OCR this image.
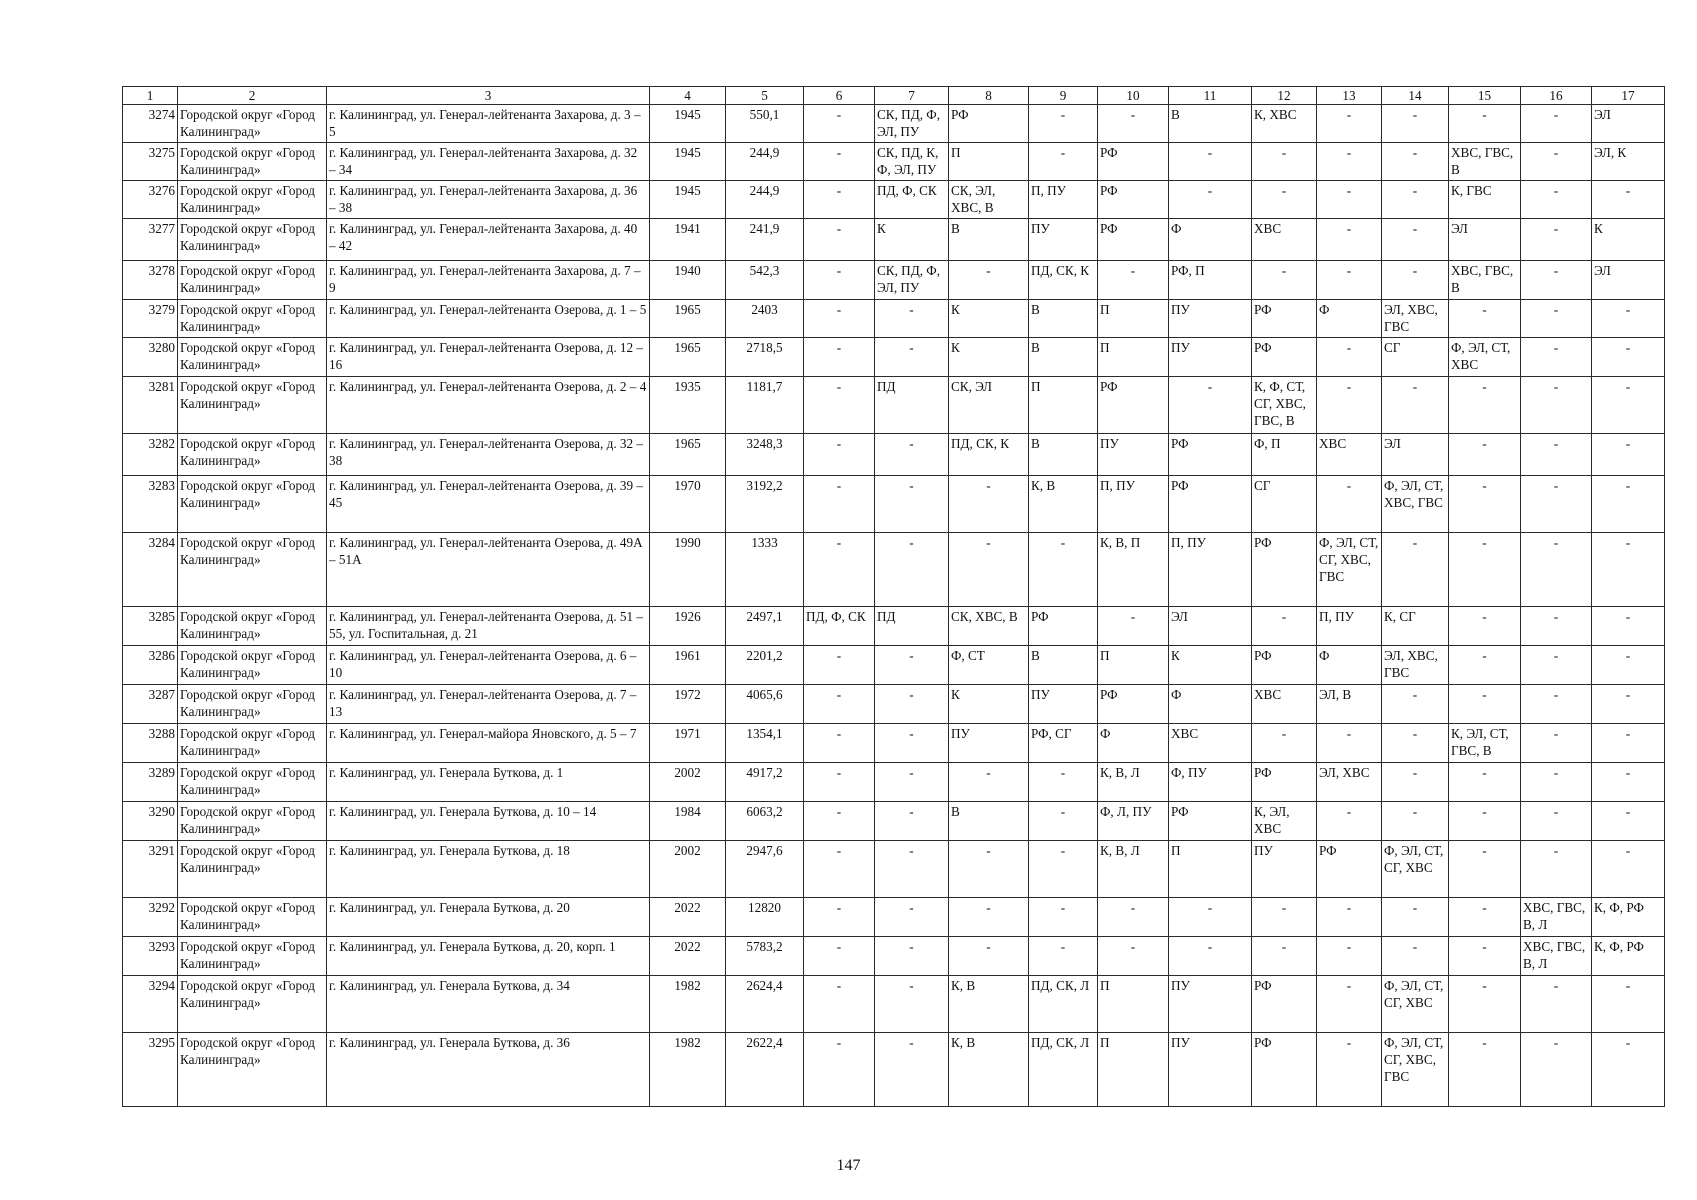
1	2	3	4	5	6	7	8	9	10	11	12	13	14	15	16	17
3274	Городской округ «Город Калининград»	г. Калининград, ул. Генерал-лейтенанта Захарова, д. 3 – 5	1945	550,1	-	СК, ПД, Ф, ЭЛ, ПУ	РФ	-	-	В	К, ХВС	-	-	-	-	ЭЛ
3275	Городской округ «Город Калининград»	г. Калининград, ул. Генерал-лейтенанта Захарова, д. 32 – 34	1945	244,9	-	СК, ПД, К, Ф, ЭЛ, ПУ	П	-	РФ	-	-	-	-	ХВС, ГВС, В	-	ЭЛ, К
3276	Городской округ «Город Калининград»	г. Калининград, ул. Генерал-лейтенанта Захарова, д. 36 – 38	1945	244,9	-	ПД, Ф, СК	СК, ЭЛ, ХВС, В	П, ПУ	РФ	-	-	-	-	К, ГВС	-	-
3277	Городской округ «Город Калининград»	г. Калининград, ул. Генерал-лейтенанта Захарова, д. 40 – 42	1941	241,9	-	К	В	ПУ	РФ	Ф	ХВС	-	-	ЭЛ	-	К
3278	Городской округ «Город Калининград»	г. Калининград, ул. Генерал-лейтенанта Захарова, д. 7 – 9	1940	542,3	-	СК, ПД, Ф, ЭЛ, ПУ	-	ПД, СК, К	-	РФ, П	-	-	-	ХВС, ГВС, В	-	ЭЛ
3279	Городской округ «Город Калининград»	г. Калининград, ул. Генерал-лейтенанта Озерова, д. 1 – 5	1965	2403	-	-	К	В	П	ПУ	РФ	Ф	ЭЛ, ХВС, ГВС	-	-	-
3280	Городской округ «Город Калининград»	г. Калининград, ул. Генерал-лейтенанта Озерова, д. 12 – 16	1965	2718,5	-	-	К	В	П	ПУ	РФ	-	СГ	Ф, ЭЛ, СТ, ХВС	-	-
3281	Городской округ «Город Калининград»	г. Калининград, ул. Генерал-лейтенанта Озерова, д. 2 – 4	1935	1181,7	-	ПД	СК, ЭЛ	П	РФ	-	К, Ф, СТ, СГ, ХВС, ГВС, В	-	-	-	-	-
3282	Городской округ «Город Калининград»	г. Калининград, ул. Генерал-лейтенанта Озерова, д. 32 – 38	1965	3248,3	-	-	ПД, СК, К	В	ПУ	РФ	Ф, П	ХВС	ЭЛ	-	-	-
3283	Городской округ «Город Калининград»	г. Калининград, ул. Генерал-лейтенанта Озерова, д. 39 – 45	1970	3192,2	-	-	-	К, В	П, ПУ	РФ	СГ	-	Ф, ЭЛ, СТ, ХВС, ГВС	-	-	-
3284	Городской округ «Город Калининград»	г. Калининград, ул. Генерал-лейтенанта Озерова, д. 49А – 51А	1990	1333	-	-	-	-	К, В, П	П, ПУ	РФ	Ф, ЭЛ, СТ, СГ, ХВС, ГВС	-	-	-	-
3285	Городской округ «Город Калининград»	г. Калининград, ул. Генерал-лейтенанта Озерова, д. 51 – 55, ул. Госпитальная, д. 21	1926	2497,1	ПД, Ф, СК	ПД	СК, ХВС, В	РФ	-	ЭЛ	-	П, ПУ	К, СГ	-	-	-
3286	Городской округ «Город Калининград»	г. Калининград, ул. Генерал-лейтенанта Озерова, д. 6 – 10	1961	2201,2	-	-	Ф, СТ	В	П	К	РФ	Ф	ЭЛ, ХВС, ГВС	-	-	-
3287	Городской округ «Город Калининград»	г. Калининград, ул. Генерал-лейтенанта Озерова, д. 7 – 13	1972	4065,6	-	-	К	ПУ	РФ	Ф	ХВС	ЭЛ, В	-	-	-	-
3288	Городской округ «Город Калининград»	г. Калининград, ул. Генерал-майора Яновского, д. 5 – 7	1971	1354,1	-	-	ПУ	РФ, СГ	Ф	ХВС	-	-	-	К, ЭЛ, СТ, ГВС, В	-	-
3289	Городской округ «Город Калининград»	г. Калининград, ул. Генерала Буткова, д. 1	2002	4917,2	-	-	-	-	К, В, Л	Ф, ПУ	РФ	ЭЛ, ХВС	-	-	-	-
3290	Городской округ «Город Калининград»	г. Калининград, ул. Генерала Буткова, д. 10 – 14	1984	6063,2	-	-	В	-	Ф, Л, ПУ	РФ	К, ЭЛ, ХВС	-	-	-	-	-
3291	Городской округ «Город Калининград»	г. Калининград, ул. Генерала Буткова, д. 18	2002	2947,6	-	-	-	-	К, В, Л	П	ПУ	РФ	Ф, ЭЛ, СТ, СГ, ХВС	-	-	-
3292	Городской округ «Город Калининград»	г. Калининград, ул. Генерала Буткова, д. 20	2022	12820	-	-	-	-	-	-	-	-	-	-	ХВС, ГВС, В, Л	К, Ф, РФ
3293	Городской округ «Город Калининград»	г. Калининград, ул. Генерала Буткова, д. 20, корп. 1	2022	5783,2	-	-	-	-	-	-	-	-	-	-	ХВС, ГВС, В, Л	К, Ф, РФ
3294	Городской округ «Город Калининград»	г. Калининград, ул. Генерала Буткова, д. 34	1982	2624,4	-	-	К, В	ПД, СК, Л	П	ПУ	РФ	-	Ф, ЭЛ, СТ, СГ, ХВС	-	-	-
3295	Городской округ «Город Калининград»	г. Калининград, ул. Генерала Буткова, д. 36	1982	2622,4	-	-	К, В	ПД, СК, Л	П	ПУ	РФ	-	Ф, ЭЛ, СТ, СГ, ХВС, ГВС	-	-	-
147
